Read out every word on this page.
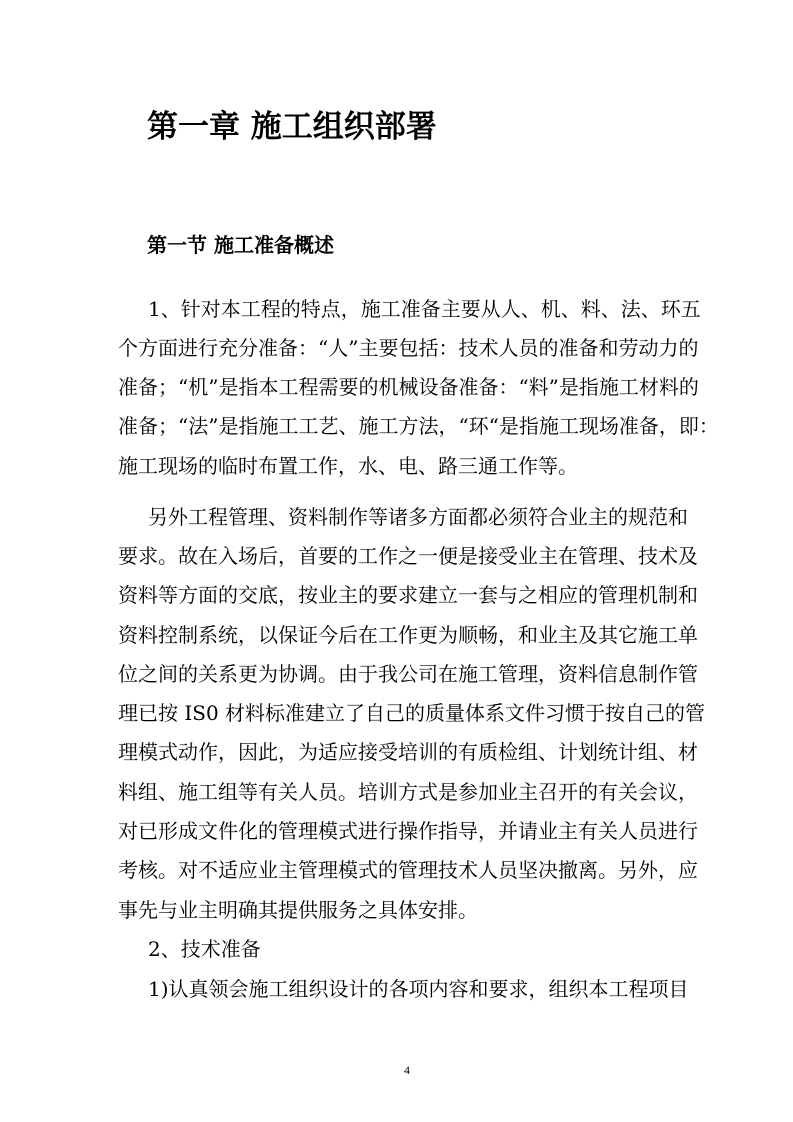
第一章 施工组织部署
第一节 施工准备概述
1、针对本工程的特点，施工准备主要从人、机、料、法、环五
个方面进行充分准备：“人”主要包括：技术人员的准备和劳动力的
准备；“机”是指本工程需要的机械设备准备：“料”是指施工材料的
准备；“法”是指施工工艺、施工方法，“环“是指施工现场准备，即：
施工现场的临时布置工作，水、电、路三通工作等。
另外工程管理、资料制作等诸多方面都必须符合业主的规范和
要求。故在入场后，首要的工作之一便是接受业主在管理、技术及
资料等方面的交底，按业主的要求建立一套与之相应的管理机制和
资料控制系统，以保证今后在工作更为顺畅，和业主及其它施工单
位之间的关系更为协调。由于我公司在施工管理，资料信息制作管
理已按 IS0 材料标准建立了自己的质量体系文件习惯于按自己的管
理模式动作，因此，为适应接受培训的有质检组、计划统计组、材
料组、施工组等有关人员。培训方式是参加业主召开的有关会议，
对已形成文件化的管理模式进行操作指导，并请业主有关人员进行
考核。对不适应业主管理模式的管理技术人员坚决撤离。另外，应
事先与业主明确其提供服务之具体安排。
2、技术准备
1)认真领会施工组织设计的各项内容和要求，组织本工程项目
4
